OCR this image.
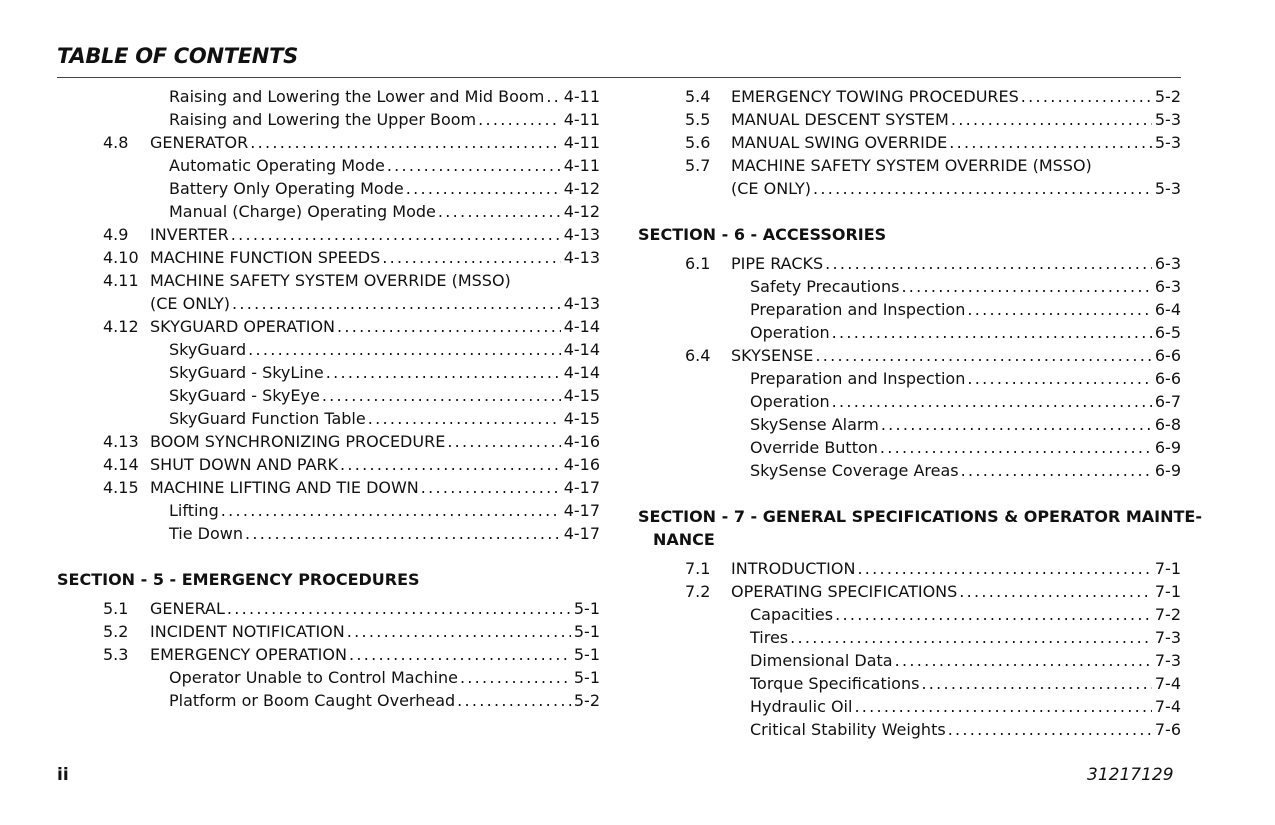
TABLE OF CONTENTS
Raising and Lowering the Lower and Mid Boom . . . 4-11
Raising and Lowering the Upper Boom . . .	4-11
4.8 GENERATOR . . .	4-11
Automatic Operating Mode . . .	4-11
Battery Only Operating Mode . . .	4-12
Manual (Charge) Operating Mode . . .	4-12
4.9 INVERTER . . .	4-13
4.10 MACHINE FUNCTION SPEEDS . . .	4-13
4.11 MACHINE SAFETY SYSTEM OVERRIDE (MSSO)
(CE ONLY) . . .	4-13
4.12 SKYGUARD OPERATION . . .	4-14
SkyGuard . . .	4-14
SkyGuard - SkyLine . . .	4-14
SkyGuard - SkyEye . . .	4-15
SkyGuard Function Table . . .	4-15
4.13 BOOM SYNCHRONIZING PROCEDURE . . .	4-16
4.14 SHUT DOWN AND PARK . . .	4-16
4.15 MACHINE LIFTING AND TIE DOWN . . .	4-17
Lifting . . .	4-17
Tie Down . . .	4-17
SECTION - 5 - EMERGENCY PROCEDURES
5.1 GENERAL . . .	5-1
5.2 INCIDENT NOTIFICATION . . .	5-1
5.3 EMERGENCY OPERATION . . .	5-1
Operator Unable to Control Machine . . .	5-1
Platform or Boom Caught Overhead . . .	5-2
5.4 EMERGENCY TOWING PROCEDURES . . .	5-2
5.5 MANUAL DESCENT SYSTEM . . .	5-3
5.6 MANUAL SWING OVERRIDE . . .	5-3
5.7 MACHINE SAFETY SYSTEM OVERRIDE (MSSO)
(CE ONLY) . . .	5-3
SECTION - 6 - ACCESSORIES
6.1 PIPE RACKS . . .	6-3
Safety Precautions . . .	6-3
Preparation and Inspection . . .	6-4
Operation . . .	6-5
6.4 SKYSENSE . . .	6-6
Preparation and Inspection . . .	6-6
Operation . . .	6-7
SkySense Alarm . . .	6-8
Override Button . . .	6-9
SkySense Coverage Areas . . .	6-9
SECTION - 7 - GENERAL SPECIFICATIONS & OPERATOR MAINTE-
NANCE
7.1 INTRODUCTION . . .	7-1
7.2 OPERATING SPECIFICATIONS . . .	7-1
Capacities . . .	7-2
Tires . . .	7-3
Dimensional Data . . .	7-3
Torque Specifications . . .	7-4
Hydraulic Oil . . .	7-4
Critical Stability Weights . . .	7-6
ii	31217129
